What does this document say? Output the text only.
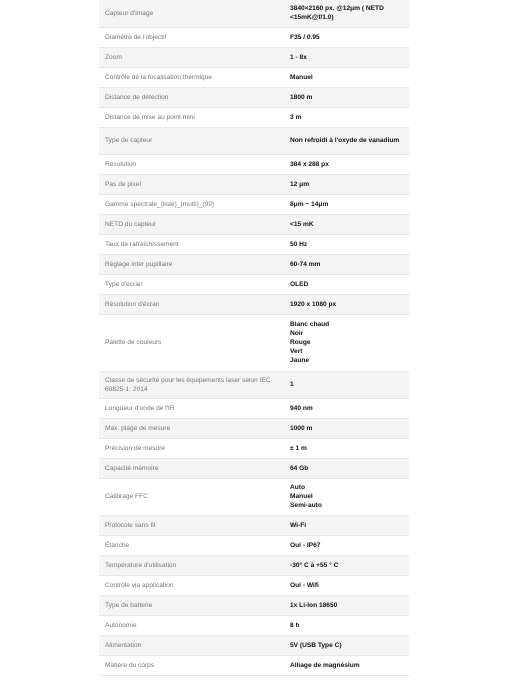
Capteur d'image	3840×2160 px. @12μm ( NETD <15mK@f/1.0)
Diamètre de l'objectif	F35 / 0.95
Zoom	1 - 8x
Contrôle de la focalisation thermique	Manuel
Distance de détection	1800 m
Distance de mise au point mini	3 m
Type de capteur	Non refroidi à l'oxyde de vanadium
Résolution	384 x 288 px
Pas de pixel	12 μm
Gamme spectrale_(liste)_(multi)_(99)	8μm ~ 14μm
NETD du capteur	<15 mK
Taux de rafraîchissement	50 Hz
Réglage inter pupillaire	60-74 mm
Type d'écran	OLED
Résolution d'écran	1920 x 1080 px
Palette de couleurs	Blanc chaud
Noir
Rouge
Vert
Jaune

Classe de sécurité pour les équipements laser selon IEC 60825-1: 2014	1
Longueur d'onde de l'IR	940 nm
Max. plage de mesure	1000 m
Précision de mesure	± 1 m
Capacité mémoire	64 Gb
Calibrage FFC	Auto
Manuel
Semi-auto

Protocole sans fil	Wi-Fi
Étanche	Oui - IP67
Température d'utilisation	-30° C à +55 ° C
Contrôle via application	Oui - Wifi
Type de batterie	1x Li-Ion 18650
Autonomie	8 h
Alimentation	5V (USB Type C)
Matière du corps	Alliage de magnésium
